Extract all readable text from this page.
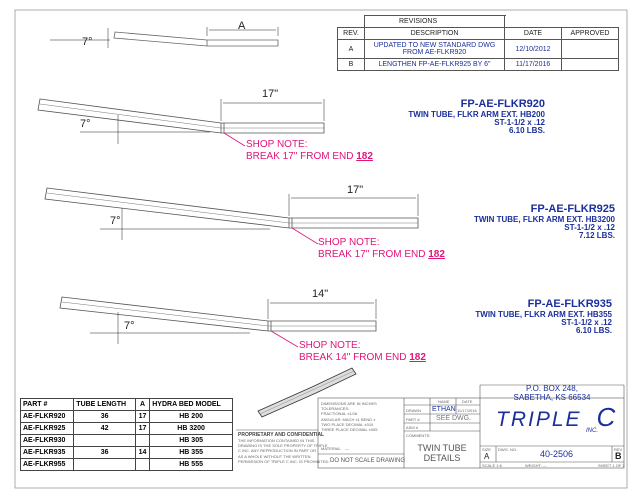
7°
A
		REVISIONS		
REV.	DESCRIPTION	DATE	APPROVED
A	UPDATED TO NEW STANDARD DWG
FROM AE-FLKR920	12/10/2012	
B	LENGTHEN FP-AE-FLKR925 BY 6"	11/17/2016	
17"
7°
FP-AE-FLKR920
TWIN TUBE, FLKR ARM EXT. HB200
ST-1-1/2 x .12
6.10 LBS.
SHOP NOTE:
BREAK 17" FROM END 182
17"
7°
FP-AE-FLKR925
TWIN TUBE, FLKR ARM EXT. HB3200
ST-1-1/2 x .12
7.12 LBS.
SHOP NOTE:
BREAK 17" FROM END 182
14"
7°
FP-AE-FLKR935
TWIN TUBE, FLKR ARM EXT. HB355
ST-1-1/2 x .12
6.10 LBS.
SHOP NOTE:
BREAK 14" FROM END 182
PART #	TUBE LENGTH	A	HYDRA BED MODEL
AE-FLKR920	36	17	HB 200
AE-FLKR925	42	17	HB 3200
AE-FLKR930			HB 305
AE-FLKR935	36	14	HB 355
AE-FLKR955			HB 555
PROPRIETARY AND CONFIDENTIAL
THE INFORMATION CONTAINED IN THIS
DRAWING IS THE SOLE PROPERTY OF TRIPLE
C INC. ANY REPRODUCTION IN PART OR
AS A WHOLE WITHOUT THE WRITTEN
PERMISSION OF TRIPLE C INC. IS PROHIBITED.
P.O. BOX 248,
SABETHA, KS 66534
DIMENSIONS ARE IN INCHES
TOLERANCES:
FRACTIONAL ±1/16
ANGULAR: MACH ±1 BEND ±
TWO PLACE DECIMAL ±010
THREE PLACE DECIMAL ±005
MATERIAL ---
DO NOT SCALE DRAWING
NAME	DATE
DRAWN ETHAN 11/17/2016
PART # SEE DWG.
ASM #
COMMENTS:
TWIN TUBE
DETAILS
TRIPLE $_{INC.}$ C
SIZE
A
DWG. NO.	40-2506	REV
B
SCALE 1:6	WEIGHT: ---	SHEET 1 OF 1
